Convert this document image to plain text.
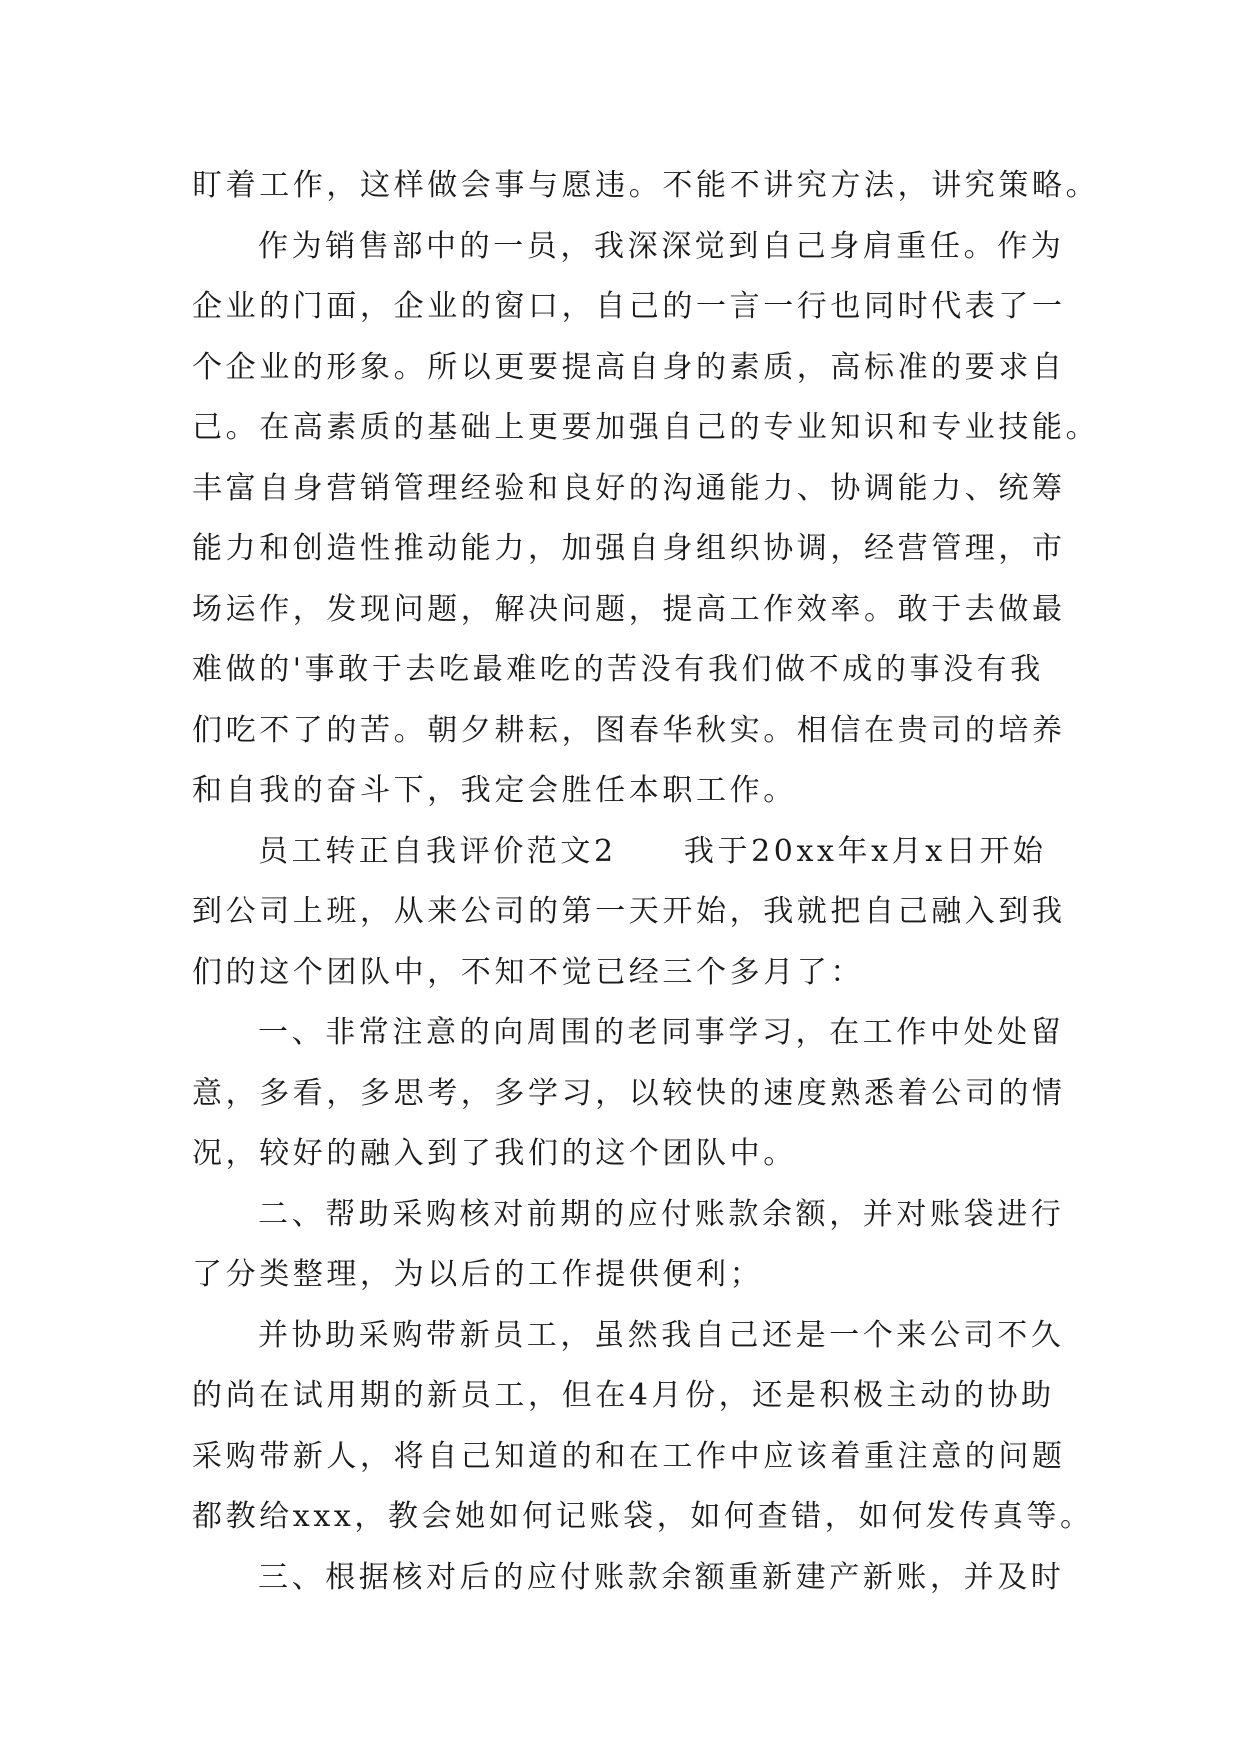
盯着工作，这样做会事与愿违。不能不讲究方法，讲究策略。
作为销售部中的一员，我深深觉到自己身肩重任。作为
企业的门面，企业的窗口，自己的一言一行也同时代表了一
个企业的形象。所以更要提高自身的素质，高标准的要求自
己。在高素质的基础上更要加强自己的专业知识和专业技能。
丰富自身营销管理经验和良好的沟通能力、协调能力、统筹
能力和创造性推动能力，加强自身组织协调，经营管理，市
场运作，发现问题，解决问题，提高工作效率。敢于去做最
难做的'事敢于去吃最难吃的苦没有我们做不成的事没有我
们吃不了的苦。朝夕耕耘，图春华秋实。相信在贵司的培养
和自我的奋斗下，我定会胜任本职工作。
员工转正自我评价范文2　　我于20xx年x月x日开始
到公司上班，从来公司的第一天开始，我就把自己融入到我
们的这个团队中，不知不觉已经三个多月了：
一、非常注意的向周围的老同事学习，在工作中处处留
意，多看，多思考，多学习，以较快的速度熟悉着公司的情
况，较好的融入到了我们的这个团队中。
二、帮助采购核对前期的应付账款余额，并对账袋进行
了分类整理，为以后的工作提供便利；
并协助采购带新员工，虽然我自己还是一个来公司不久
的尚在试用期的新员工，但在4月份，还是积极主动的协助
采购带新人，将自己知道的和在工作中应该着重注意的问题
都教给xxx，教会她如何记账袋，如何查错，如何发传真等。
三、根据核对后的应付账款余额重新建产新账，并及时
